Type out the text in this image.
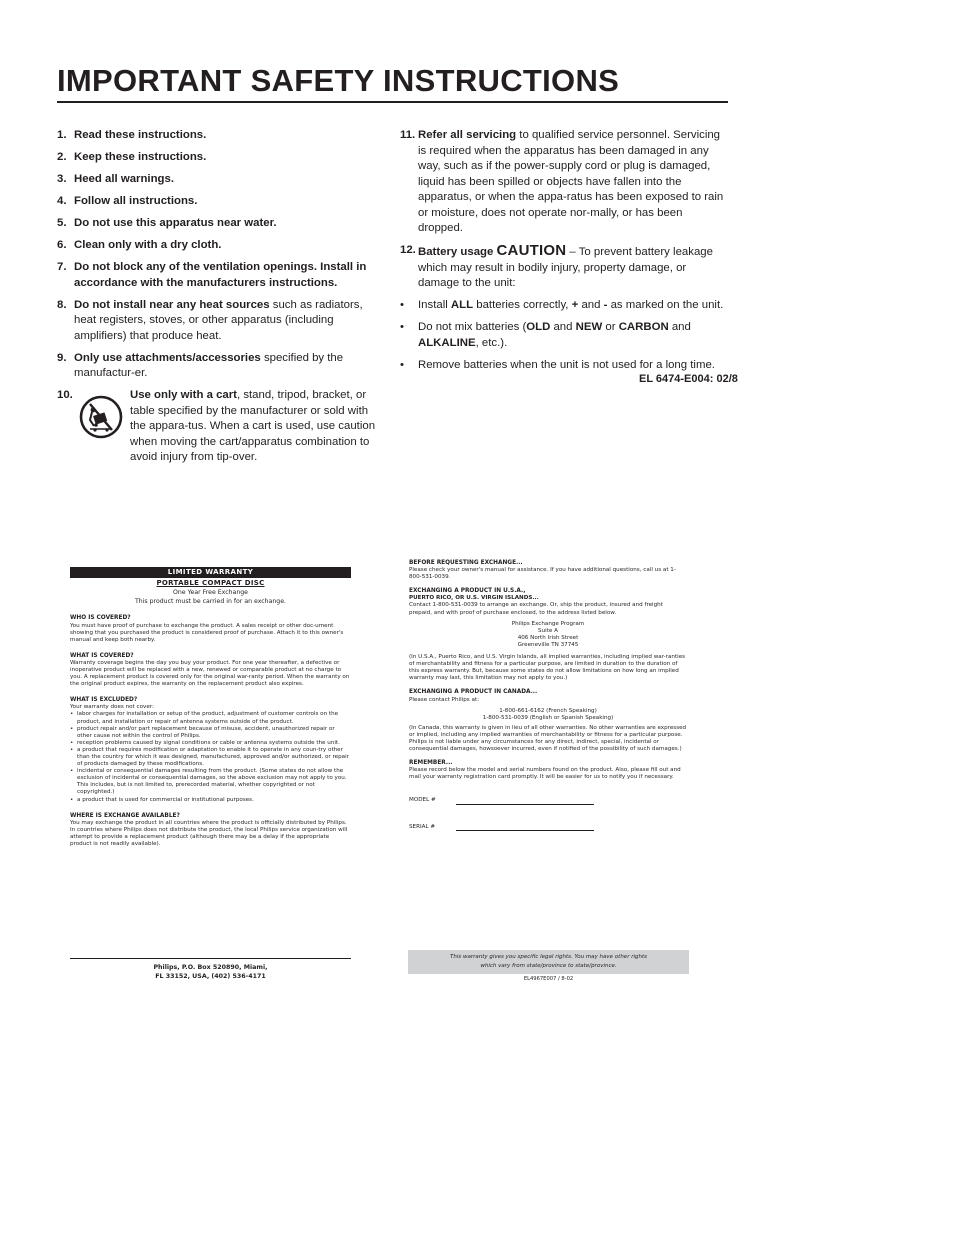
IMPORTANT SAFETY INSTRUCTIONS
1. Read these instructions.
2. Keep these instructions.
3. Heed all warnings.
4. Follow all instructions.
5. Do not use this apparatus near water.
6. Clean only with a dry cloth.
7. Do not block any of the ventilation openings. Install in accordance with the manufacturers instructions.
8. Do not install near any heat sources such as radiators, heat registers, stoves, or other apparatus (including amplifiers) that produce heat.
9. Only use attachments/accessories specified by the manufactur-er.
10.	Use only with a cart, stand, tripod, bracket, or table specified by the manufacturer or sold with the appara-tus. When a cart is used, use caution when moving the cart/apparatus combination to avoid injury from tip-over.
11. Refer all servicing to qualified service personnel. Servicing is required when the apparatus has been damaged in any way, such as if the power-supply cord or plug is damaged, liquid has been spilled or objects have fallen into the apparatus, or when the appa-ratus has been exposed to rain or moisture, does not operate nor-mally, or has been dropped.
12. Battery usage CAUTION – To prevent battery leakage which may result in bodily injury, property damage, or damage to the unit:
•	Install ALL batteries correctly, + and - as marked on the unit.
•	Do not mix batteries (OLD and NEW or CARBON and ALKALINE, etc.).
•	Remove batteries when the unit is not used for a long time.
EL 6474-E004: 02/8
LIMITED WARRANTY
PORTABLE COMPACT DISC
One Year Free Exchange
This product must be carried in for an exchange.
WHO IS COVERED?
You must have proof of purchase to exchange the product. A sales receipt or other doc-ument showing that you purchased the product is considered proof of purchase. Attach it to this owner's manual and keep both nearby.
WHAT IS COVERED?
Warranty coverage begins the day you buy your product. For one year thereafter, a defective or inoperative product will be replaced with a new, renewed or comparable product at no charge to you. A replacement product is covered only for the original war-ranty period. When the warranty on the original product expires, the warranty on the replacement product also expires.
WHAT IS EXCLUDED?
Your warranty does not cover:
• labor charges for installation or setup of the product, adjustment of customer controls on the product, and installation or repair of antenna systems outside of the product.
• product repair and/or part replacement because of misuse, accident, unauthorized repair or other cause not within the control of Philips.
• reception problems caused by signal conditions or cable or antenna systems outside the unit.
• a product that requires modification or adaptation to enable it to operate in any coun-try other than the country for which it was designed, manufactured, approved and/or authorized, or repair of products damaged by these modifications.
• incidental or consequential damages resulting from the product. (Some states do not allow the exclusion of incidental or consequential damages, so the above exclusion may not apply to you. This includes, but is not limited to, prerecorded material, whether copyrighted or not copyrighted.)
• a product that is used for commercial or institutional purposes.
WHERE IS EXCHANGE AVAILABLE?
You may exchange the product in all countries where the product is officially distributed by Philips. In countries where Philips does not distribute the product, the local Philips service organization will attempt to provide a replacement product (although there may be a delay if the appropriate product is not readily available).
BEFORE REQUESTING EXCHANGE...
Please check your owner's manual for assistance. If you have additional questions, call us at 1-800-531-0039.
EXCHANGING A PRODUCT IN U.S.A.,
PUERTO RICO, OR U.S. VIRGIN ISLANDS...
Contact 1-800-531-0039 to arrange an exchange. Or, ship the product, insured and freight prepaid, and with proof of purchase enclosed, to the address listed below.
Philips Exchange Program
Suite A
406 North Irish Street
Greeneville TN 37745
(In U.S.A., Puerto Rico, and U.S. Virgin Islands, all implied warranties, including implied war-ranties of merchantability and fitness for a particular purpose, are limited in duration to the duration of this express warranty. But, because some states do not allow limitations on how long an implied warranty may last, this limitation may not apply to you.)
EXCHANGING A PRODUCT IN CANADA...
Please contact Philips at:
1-800-661-6162 (French Speaking)
1-800-531-0039 (English or Spanish Speaking)
(In Canada, this warranty is given in lieu of all other warranties. No other warranties are expressed or implied, including any implied warranties of merchantability or fitness for a particular purpose. Philips is not liable under any circumstances for any direct, indirect, special, incidental or consequential damages, howsoever incurred, even if notified of the possibility of such damages.)
REMEMBER...
Please record below the model and serial numbers found on the product. Also, please fill out and mail your warranty registration card promptly. It will be easier for us to notify you if necessary.
MODEL #
SERIAL #
Philips, P.O. Box 520890, Miami,
FL 33152, USA, (402) 536-4171
This warranty gives you specific legal rights. You may have other rights
which vary from state/province to state/province.
EL4967E007 / 8-02
